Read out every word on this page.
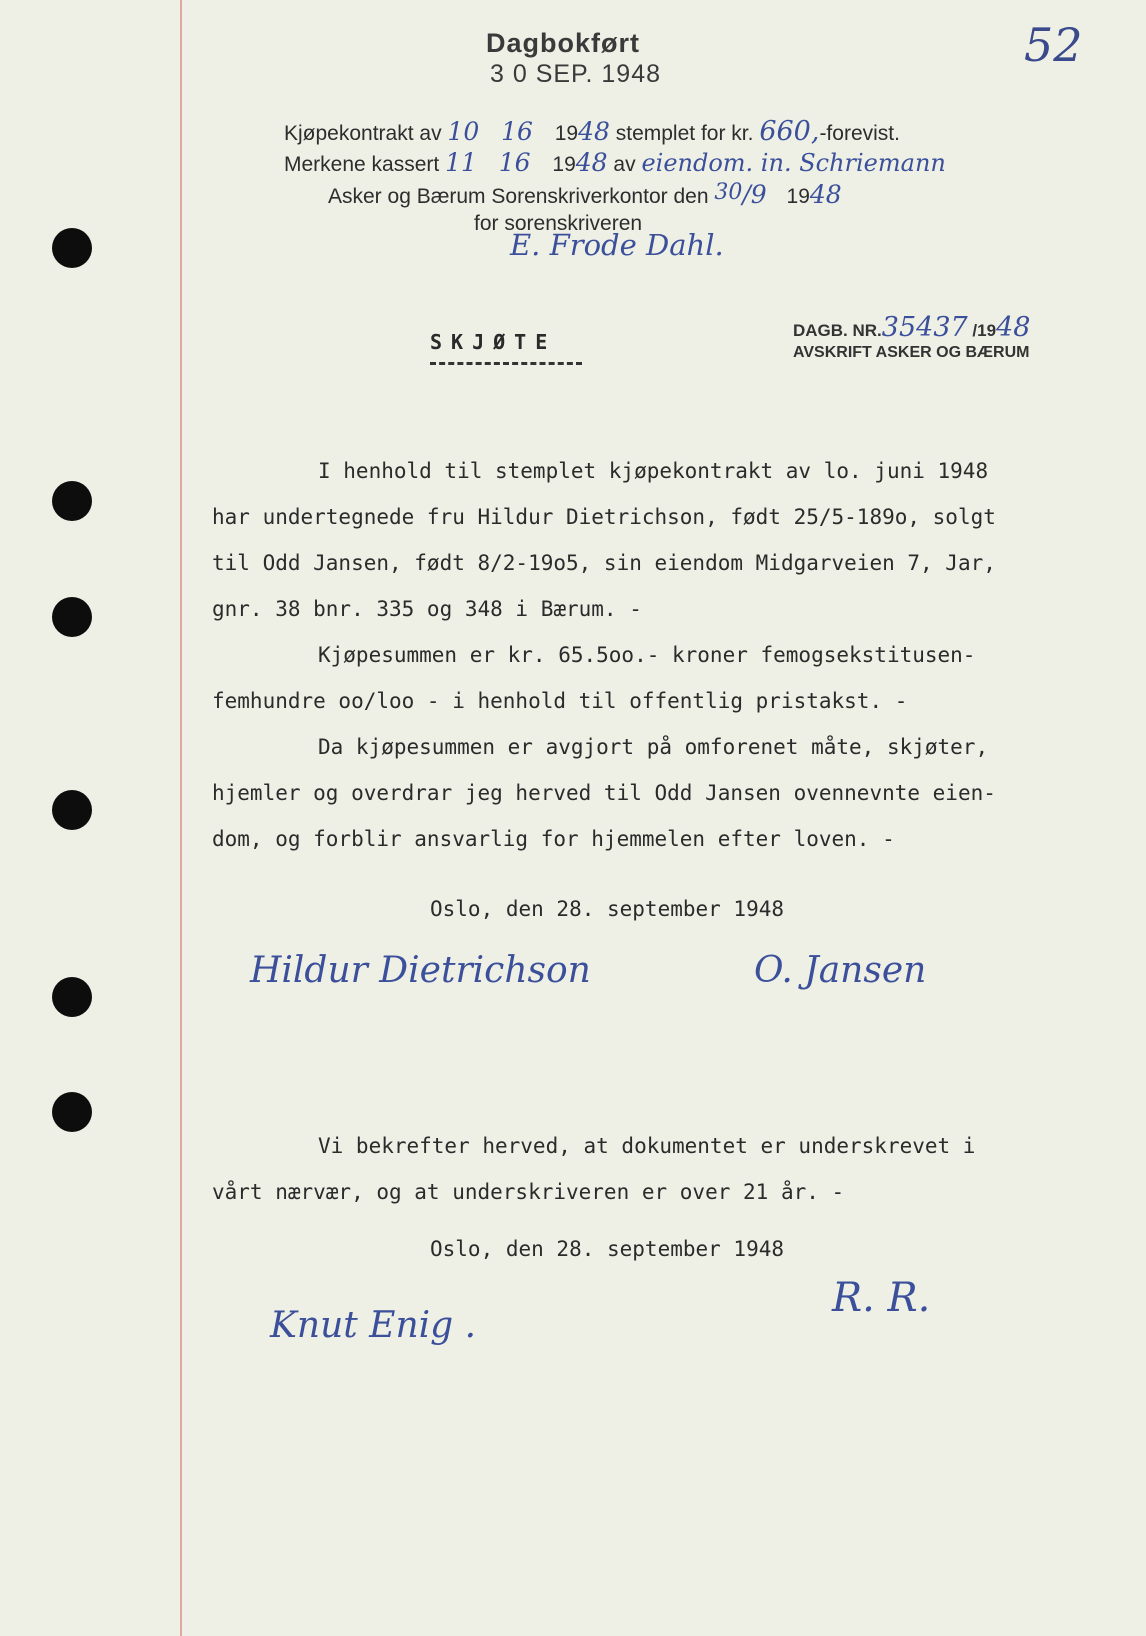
Dagbokført
3 0 SEP. 1948
52
Kjøpekontrakt av 10 16 1948 stemplet for kr. 660,-forevist.
Merkene kassert 11 16 1948 av eiendom. in. Schriemann
Asker og Bærum Sorenskriverkontor den 30/9 1948
for sorenskriveren
E. Frode Dahl.
DAGB. NR.35437 /1948
AVSKRIFT ASKER OG BÆRUM
SKJØTE
I henhold til stemplet kjøpekontrakt av lo. juni 1948
har undertegnede fru Hildur Dietrichson, født 25/5-189o, solgt
til Odd Jansen, født 8/2-19o5, sin eiendom Midgarveien 7, Jar,
gnr. 38 bnr. 335 og 348 i Bærum. -
Kjøpesummen er kr. 65.5oo.- kroner femogsekstitusen-
femhundre oo/loo - i henhold til offentlig pristakst. -
Da kjøpesummen er avgjort på omforenet måte, skjøter,
hjemler og overdrar jeg herved til Odd Jansen ovennevnte eien-
dom, og forblir ansvarlig for hjemmelen efter loven. -
Oslo, den 28. september 1948
Hildur Dietrichson	O. Jansen
Vi bekrefter herved, at dokumentet er underskrevet i
vårt nærvær, og at underskriveren er over 21 år. -
Oslo, den 28. september 1948
Knut Enig .
R. R.
